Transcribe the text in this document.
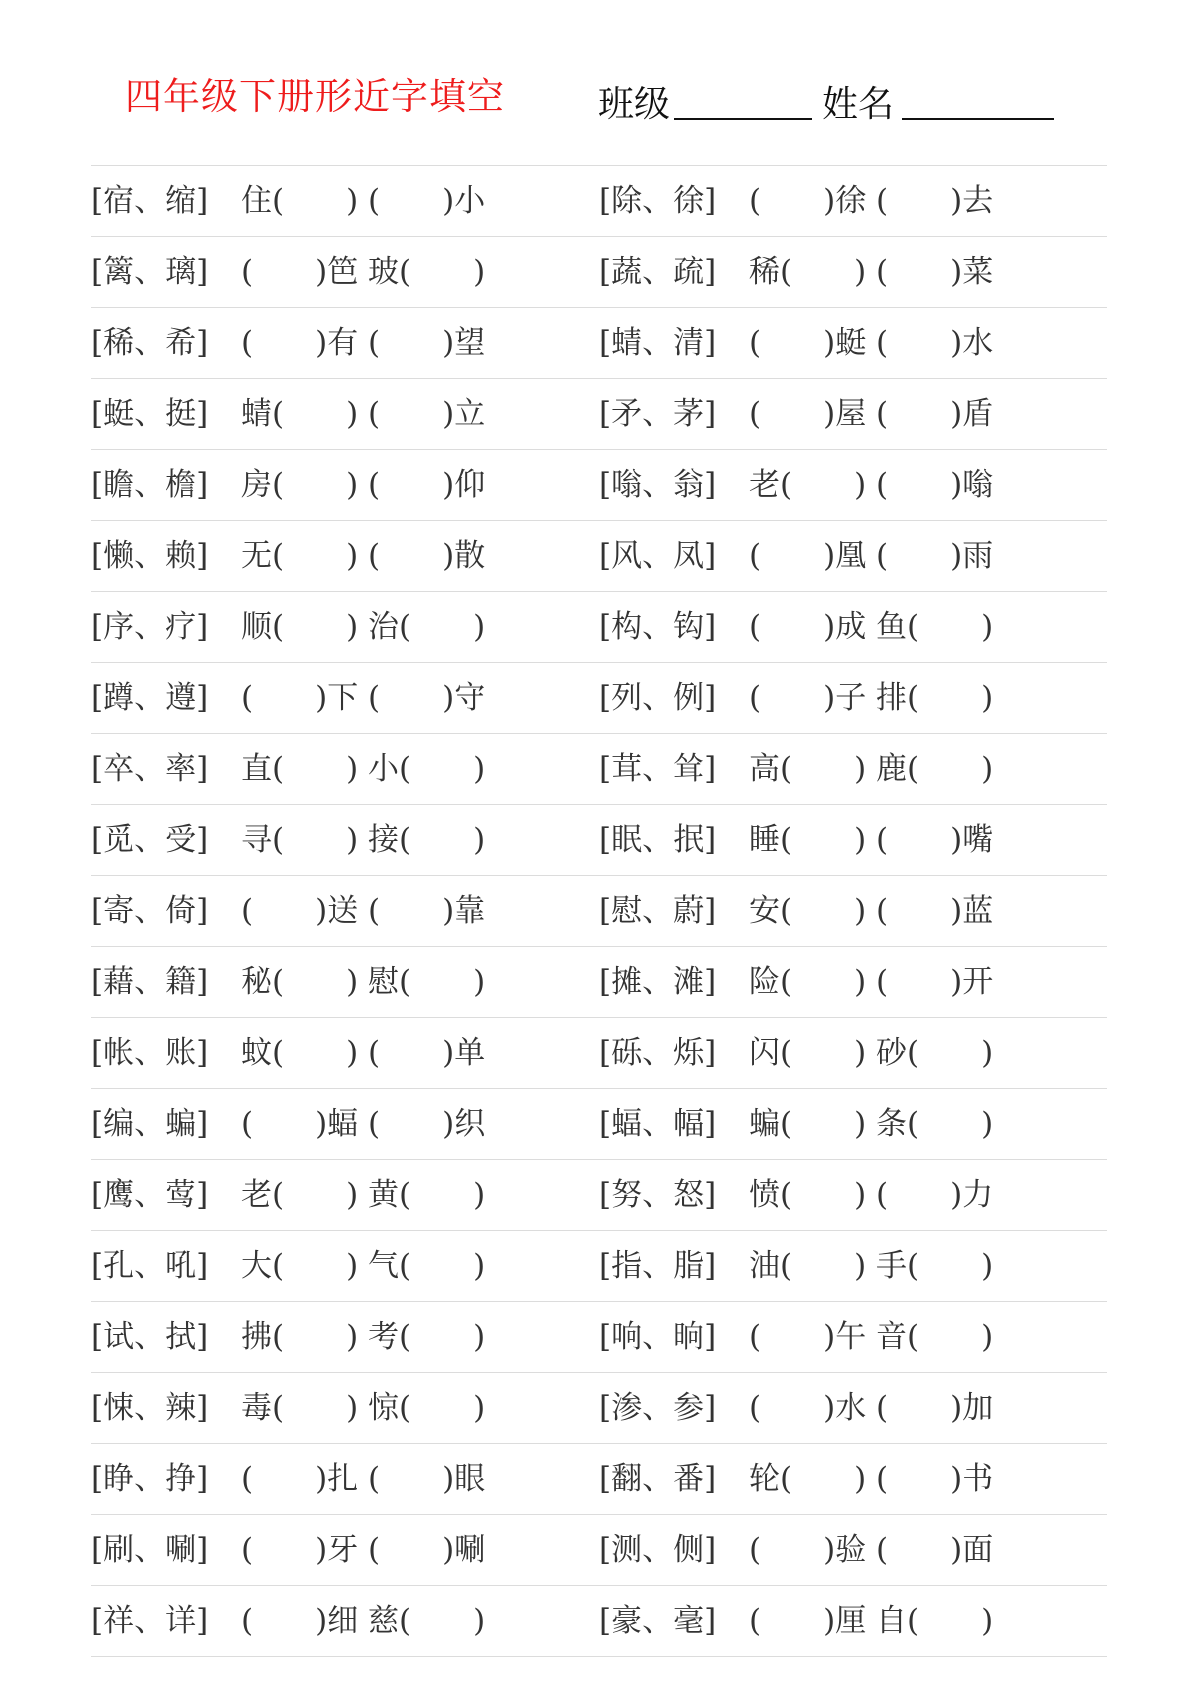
四年级下册形近字填空	班级	姓名
[宿、缩] 住(　　) (　　)小	[除、徐] (　　)徐 (　　)去
[篱、璃] (　　)笆 玻(　　)	[蔬、疏] 稀(　　) (　　)菜
[稀、希] (　　)有 (　　)望	[蜻、清] (　　)蜓 (　　)水
[蜓、挺] 蜻(　　) (　　)立	[矛、茅] (　　)屋 (　　)盾
[瞻、檐] 房(　　) (　　)仰	[嗡、翁] 老(　　) (　　)嗡
[懒、赖] 无(　　) (　　)散	[风、凤] (　　)凰 (　　)雨
[序、疗] 顺(　　) 治(　　)	[构、钩] (　　)成 鱼(　　)
[蹲、遵] (　　)下 (　　)守	[列、例] (　　)子 排(　　)
[卒、率] 直(　　) 小(　　)	[茸、耸] 高(　　) 鹿(　　)
[觅、受] 寻(　　) 接(　　)	[眠、抿] 睡(　　) (　　)嘴
[寄、倚] (　　)送 (　　)靠	[慰、蔚] 安(　　) (　　)蓝
[藉、籍] 秘(　　) 慰(　　)	[摊、滩] 险(　　) (　　)开
[帐、账] 蚊(　　) (　　)单	[砾、烁] 闪(　　) 砂(　　)
[编、蝙] (　　)蝠 (　　)织	[蝠、幅] 蝙(　　) 条(　　)
[鹰、莺] 老(　　) 黄(　　)	[努、怒] 愤(　　) (　　)力
[孔、吼] 大(　　) 气(　　)	[指、脂] 油(　　) 手(　　)
[试、拭] 拂(　　) 考(　　)	[响、晌] (　　)午 音(　　)
[悚、辣] 毒(　　) 惊(　　)	[渗、参] (　　)水 (　　)加
[睁、挣] (　　)扎 (　　)眼	[翻、番] 轮(　　) (　　)书
[刷、唰] (　　)牙 (　　)唰	[测、侧] (　　)验 (　　)面
[祥、详] (　　)细 慈(　　)	[豪、毫] (　　)厘 自(　　)
